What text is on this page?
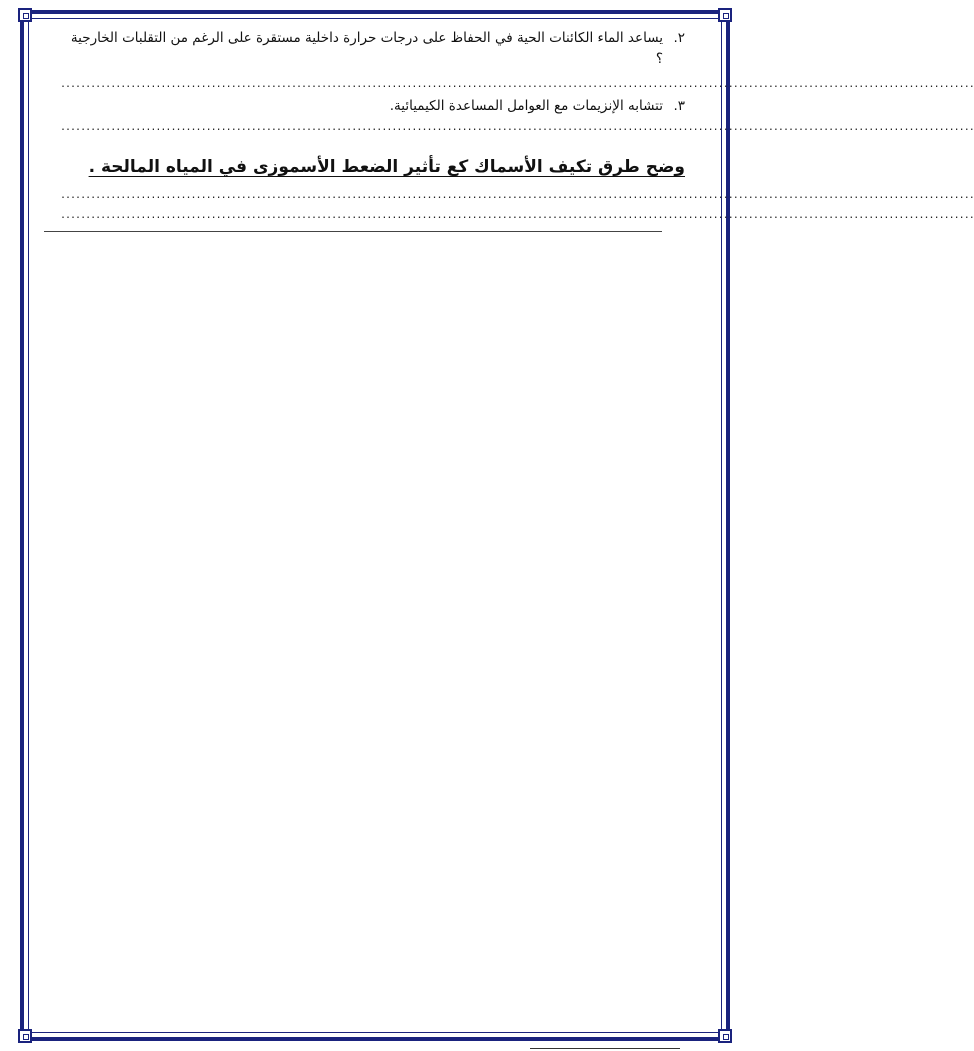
٢.
يساعد الماء الكائنات الحية في الحفاظ على درجات حرارة داخلية مستقرة على الرغم من التقلبات الخارجية ؟
......................................................................................................................................................................................
٣.
تتشابه الإنزيمات مع العوامل المساعدة الكيميائية.
......................................................................................................................................................................................
وضح طرق تكيف الأسماك كع تأثير الضعط الأسموزى في المياه المالحة .
......................................................................................................................................................................................
......................................................................................................................................................................................
